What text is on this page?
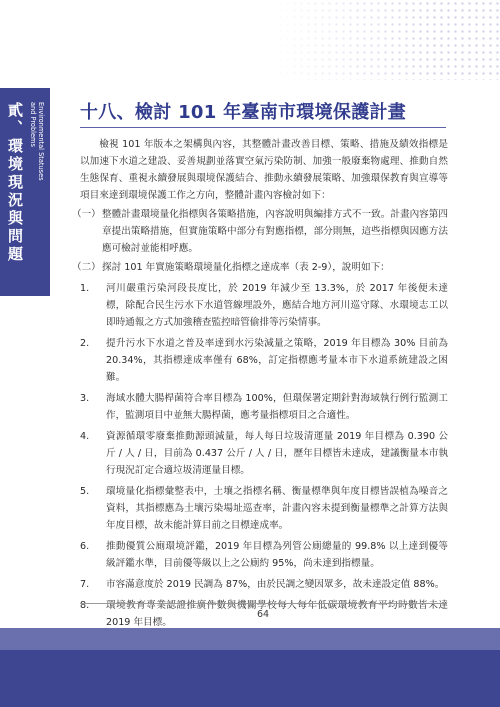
貳、環境現況與問題 Environmental Statuses
and Problems 十八、檢討 101 年臺南市環境保護計畫

檢視 101 年版本之架構與內容，其整體計畫改善目標、策略、措施及績效指標是以加速下水道之建設、妥善規劃並落實空氣污染防制、加強一般廢棄物處理、推動自然生態保育、重視永續發展與環境保護結合、推動永續發展策略、加強環保教育與宣導等項目來達到環境保護工作之方向，整體計畫內容檢討如下：

（一） 整體計畫環境量化指標與各策略措施，內容說明與編排方式不一致。計畫內容第四章提出策略措施，但實施策略中部分有對應指標，部分則無，這些指標與因應方法應可檢討並能相呼應。
（二） 探討 101 年實施策略環境量化指標之達成率（表 2-9），說明如下：
1.	河川嚴重污染河段長度比，於 2019 年減少至 13.3%，於 2017 年後便未達標，除配合民生污水下水道管線埋設外，應結合地方河川巡守隊、水環境志工以即時通報之方式加強稽查監控暗管偷排等污染情事。
2.	提升污水下水道之普及率達到水污染減量之策略，2019 年目標為 30% 目前為 20.34%，其指標達成率僅有 68%，訂定指標應考量本市下水道系統建設之困難。
3.	海域水體大腸桿菌符合率目標為 100%，但環保署定期針對海域執行例行監測工作，監測項目中並無大腸桿菌，應考量指標項目之合適性。
4.	資源循環零廢棄推動源頭減量，每人每日垃圾清運量 2019 年目標為 0.390 公斤 / 人 / 日，目前為 0.437 公斤 / 人 / 日，歷年目標皆未達成，建議衡量本市執行現況訂定合適垃圾清運量目標。
5.	環境量化指標彙整表中，土壤之指標名稱、衡量標準與年度目標皆誤植為噪音之資料，其指標應為土壤污染場址巡查率，計畫內容未提到衡量標準之計算方法與年度目標，故未能計算目前之目標達成率。
6.	推動優質公廁環境評鑑，2019 年目標為列管公廁總量的 99.8% 以上達到優等級評鑑水準，目前優等級以上之公廁約 95%，尚未達到指標量。
7.	市容滿意度於 2019 民調為 87%，由於民調之變因眾多，故未達設定值 88%。
8.	環境教育專業認證推廣件數與機關學校每人每年低碳環境教育平均時數皆未達 2019 年目標。
64
